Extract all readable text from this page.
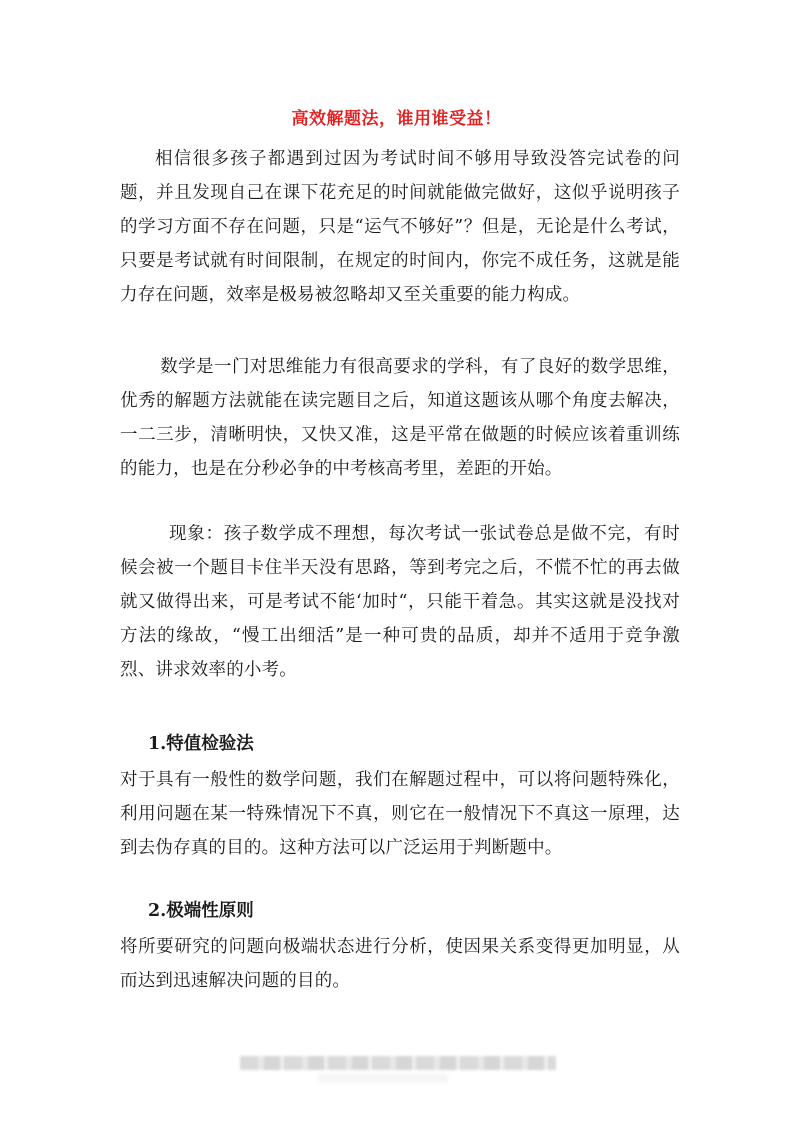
高效解题法，谁用谁受益！

相信很多孩子都遇到过因为考试时间不够用导致没答完试卷的问题，并且发现自己在课下花充足的时间就能做完做好，这似乎说明孩子的学习方面不存在问题，只是“运气不够好”？但是，无论是什么考试，只要是考试就有时间限制，在规定的时间内，你完不成任务，这就是能力存在问题，效率是极易被忽略却又至关重要的能力构成。

数学是一门对思维能力有很高要求的学科，有了良好的数学思维，优秀的解题方法就能在读完题目之后，知道这题该从哪个角度去解决，一二三步，清晰明快，又快又准，这是平常在做题的时候应该着重训练的能力，也是在分秒必争的中考核高考里，差距的开始。

现象：孩子数学成不理想，每次考试一张试卷总是做不完，有时候会被一个题目卡住半天没有思路，等到考完之后，不慌不忙的再去做就又做得出来，可是考试不能‘加时“，只能干着急。其实这就是没找对方法的缘故，“慢工出细活”是一种可贵的品质，却并不适用于竞争激烈、讲求效率的小考。

1.特值检验法

对于具有一般性的数学问题，我们在解题过程中，可以将问题特殊化，利用问题在某一特殊情况下不真，则它在一般情况下不真这一原理，达到去伪存真的目的。这种方法可以广泛运用于判断题中。

2.极端性原则

将所要研究的问题向极端状态进行分析，使因果关系变得更加明显，从而达到迅速解决问题的目的。
